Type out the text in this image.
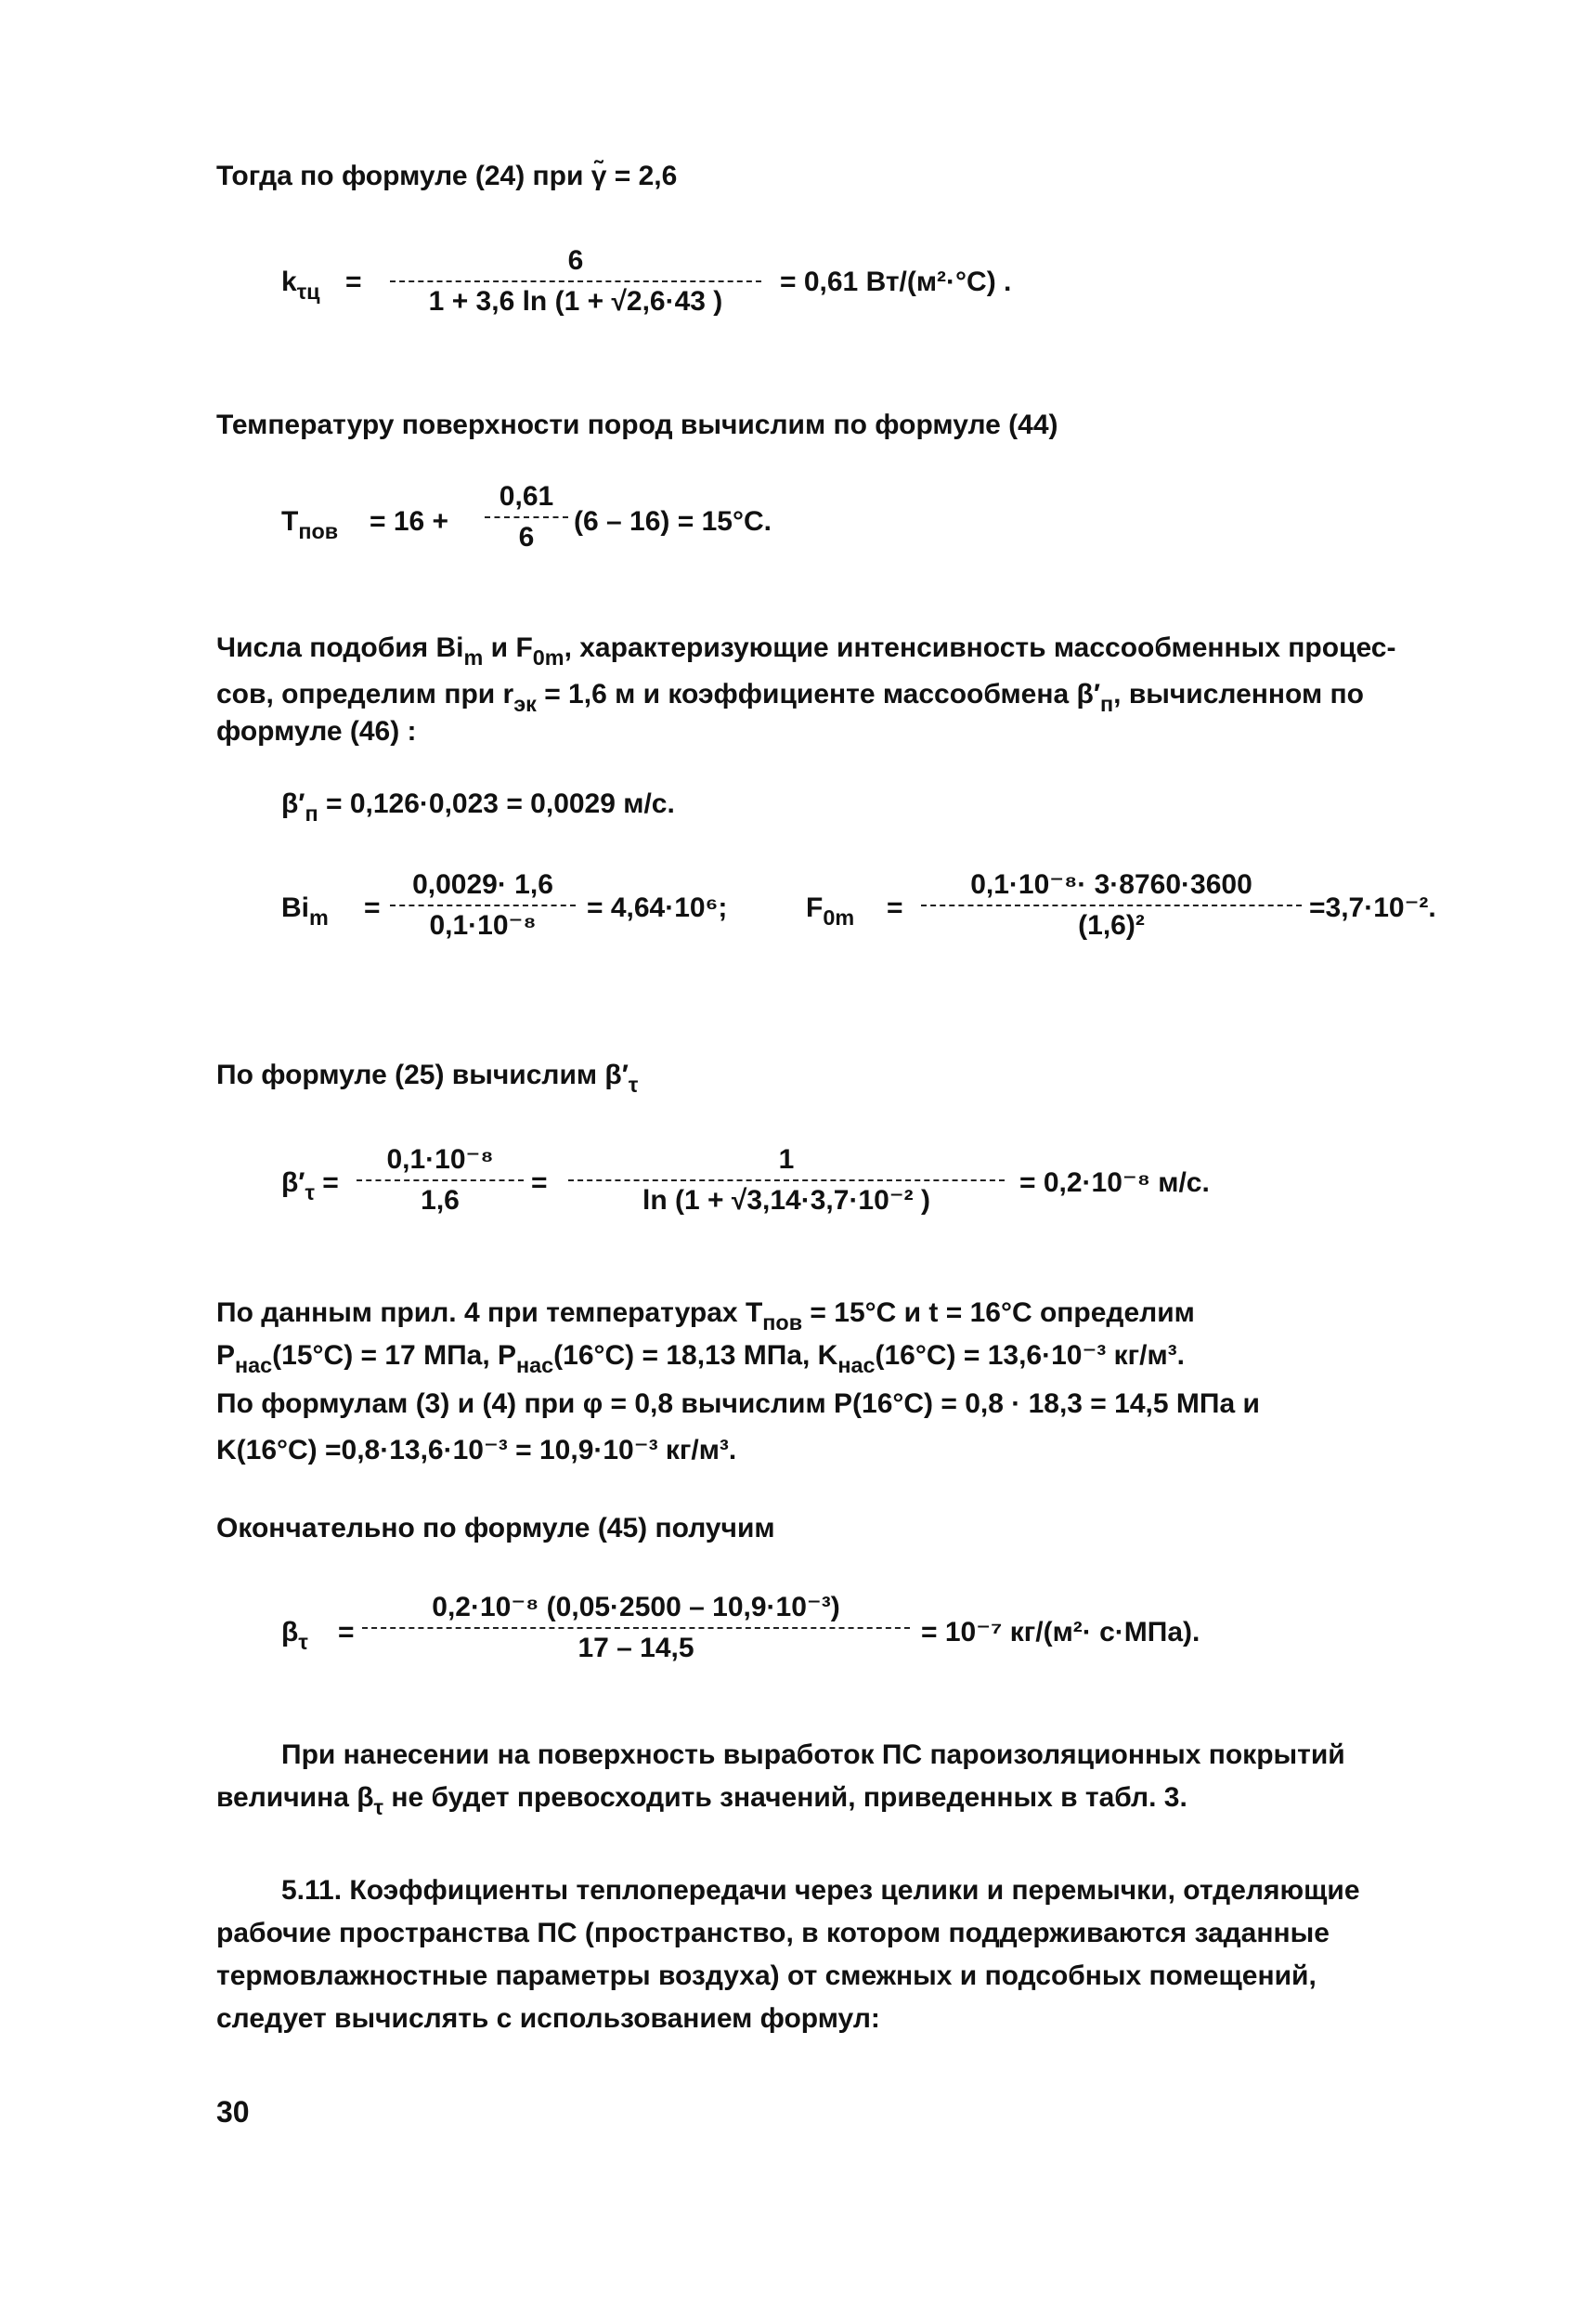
Тогда по формуле (24) при γ̃ = 2,6
$k_{\tau ц}$ =
6
1 + 3,6 ln (1 + √2,6·43 )
= 0,61 Вт/(м²·°С) .
Температуру поверхности пород вычислим по формуле (44)
$T_{пов} = 16$ +
0,61
6
(6 – 16) = 15°С.
Числа подобия $Bi_m$ и $F_{0m}$, характеризующие интенсивность массообменных процес-
сов, определим при $r_{эк} = 1,6$ м и коэффициенте массообмена $\beta'_п$, вычисленном по
формуле (46) :
$\beta'_п = 0,126\cdot 0,023 = 0,0029$ м/с.
$Bi_m$ =
0,0029· 1,6
0,1·10⁻⁸
= 4,64·10⁶;	$F_{0m}$ =
0,1·10⁻⁸· 3·8760·3600
(1,6)²
=3,7·10⁻².
По формуле (25) вычислим $\beta'_\tau$
$\beta'_\tau$ =
0,1·10⁻⁸
1,6
=
1
ln (1 + √3,14·3,7·10⁻² )
= 0,2·10⁻⁸ м/с.
По данным прил. 4 при температурах $T_{пов} = 15^\circ С$ и t = 16°С определим
$P_{нас}(15^\circ С) = 17$ МПа, $P_{нас}(16^\circ С) = 18,13$ МПа, $K_{нас}(16^\circ С) = 13,6\cdot 10^{-3}$ кг/м³.
По формулам (3) и (4) при φ = 0,8 вычислим P(16°С) = 0,8 · 18,3 = 14,5 МПа и
K(16°С) =0,8·13,6·10⁻³ = 10,9·10⁻³ кг/м³.
Окончательно по формуле (45) получим
$\beta_\tau$ =
0,2·10⁻⁸ (0,05·2500 – 10,9·10⁻³)
17 – 14,5
= 10⁻⁷ кг/(м²· с·МПа).
При нанесении на поверхность выработок ПС пароизоляционных покрытий
величина $\beta_\tau$ не будет превосходить значений, приведенных в табл. 3.
5.11. Коэффициенты теплопередачи через целики и перемычки, отделяющие
рабочие пространства ПС (пространство, в котором поддерживаются заданные
термовлажностные параметры воздуха) от смежных и подсобных помещений,
следует вычислять с использованием формул:
30
